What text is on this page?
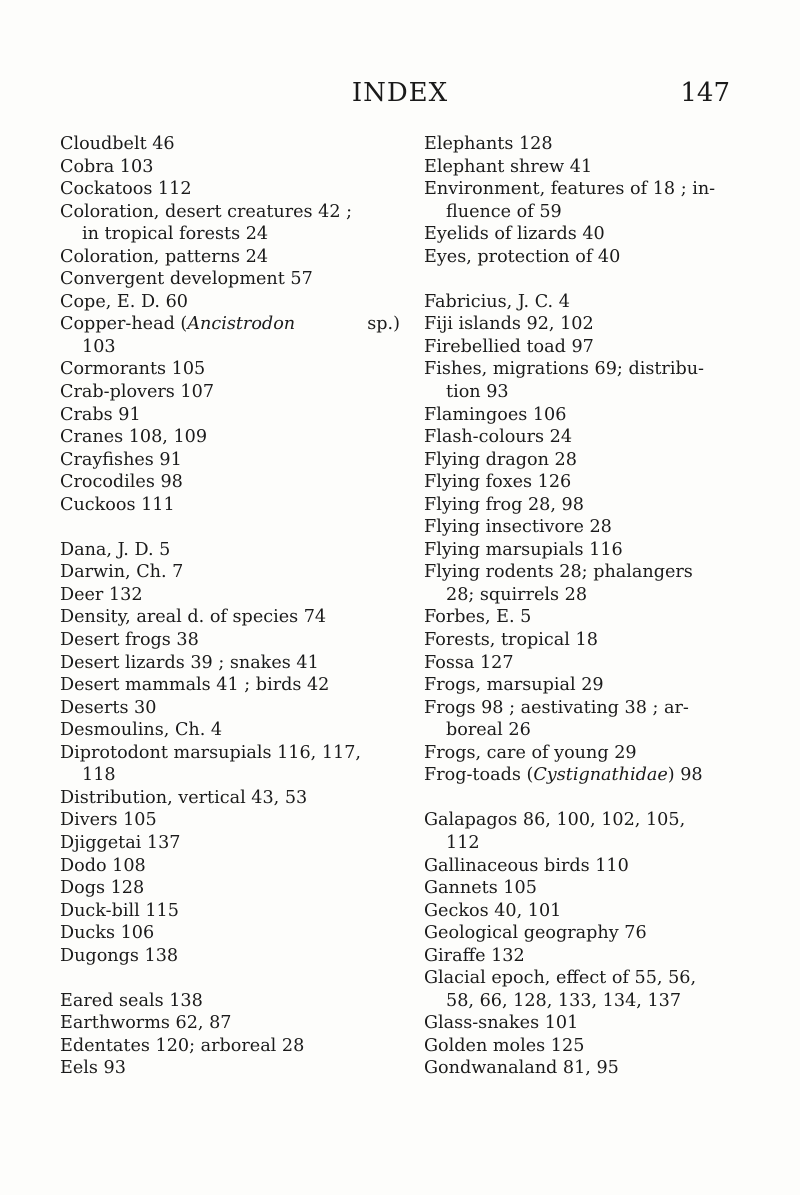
INDEX	147
Cloudbelt 46
Cobra 103
Cockatoos 112
Coloration, desert creatures 42 ;
in tropical forests 24
Coloration, patterns 24
Convergent development 57
Cope, E. D. 60
Copper-head (Ancistrodon	sp.)
103
Cormorants 105
Crab-plovers 107
Crabs 91
Cranes 108, 109
Crayfishes 91
Crocodiles 98
Cuckoos 111
Dana, J. D. 5
Darwin, Ch. 7
Deer 132
Density, areal d. of species 74
Desert frogs 38
Desert lizards 39 ; snakes 41
Desert mammals 41 ; birds 42
Deserts 30
Desmoulins, Ch. 4
Diprotodont marsupials 116, 117,
118
Distribution, vertical 43, 53
Divers 105
Djiggetai 137
Dodo 108
Dogs 128
Duck-bill 115
Ducks 106
Dugongs 138
Eared seals 138
Earthworms 62, 87
Edentates 120; arboreal 28
Eels 93
Elephants 128
Elephant shrew 41
Environment, features of 18 ; in-
fluence of 59
Eyelids of lizards 40
Eyes, protection of 40
Fabricius, J. C. 4
Fiji islands 92, 102
Firebellied toad 97
Fishes, migrations 69; distribu-
tion 93
Flamingoes 106
Flash-colours 24
Flying dragon 28
Flying foxes 126
Flying frog 28, 98
Flying insectivore 28
Flying marsupials 116
Flying rodents 28; phalangers
28; squirrels 28
Forbes, E. 5
Forests, tropical 18
Fossa 127
Frogs, marsupial 29
Frogs 98 ; aestivating 38 ; ar-
boreal 26
Frogs, care of young 29
Frog-toads (Cystignathidae) 98
Galapagos 86, 100, 102, 105,
112
Gallinaceous birds 110
Gannets 105
Geckos 40, 101
Geological geography 76
Giraffe 132
Glacial epoch, effect of 55, 56,
58, 66, 128, 133, 134, 137
Glass-snakes 101
Golden moles 125
Gondwanaland 81, 95
